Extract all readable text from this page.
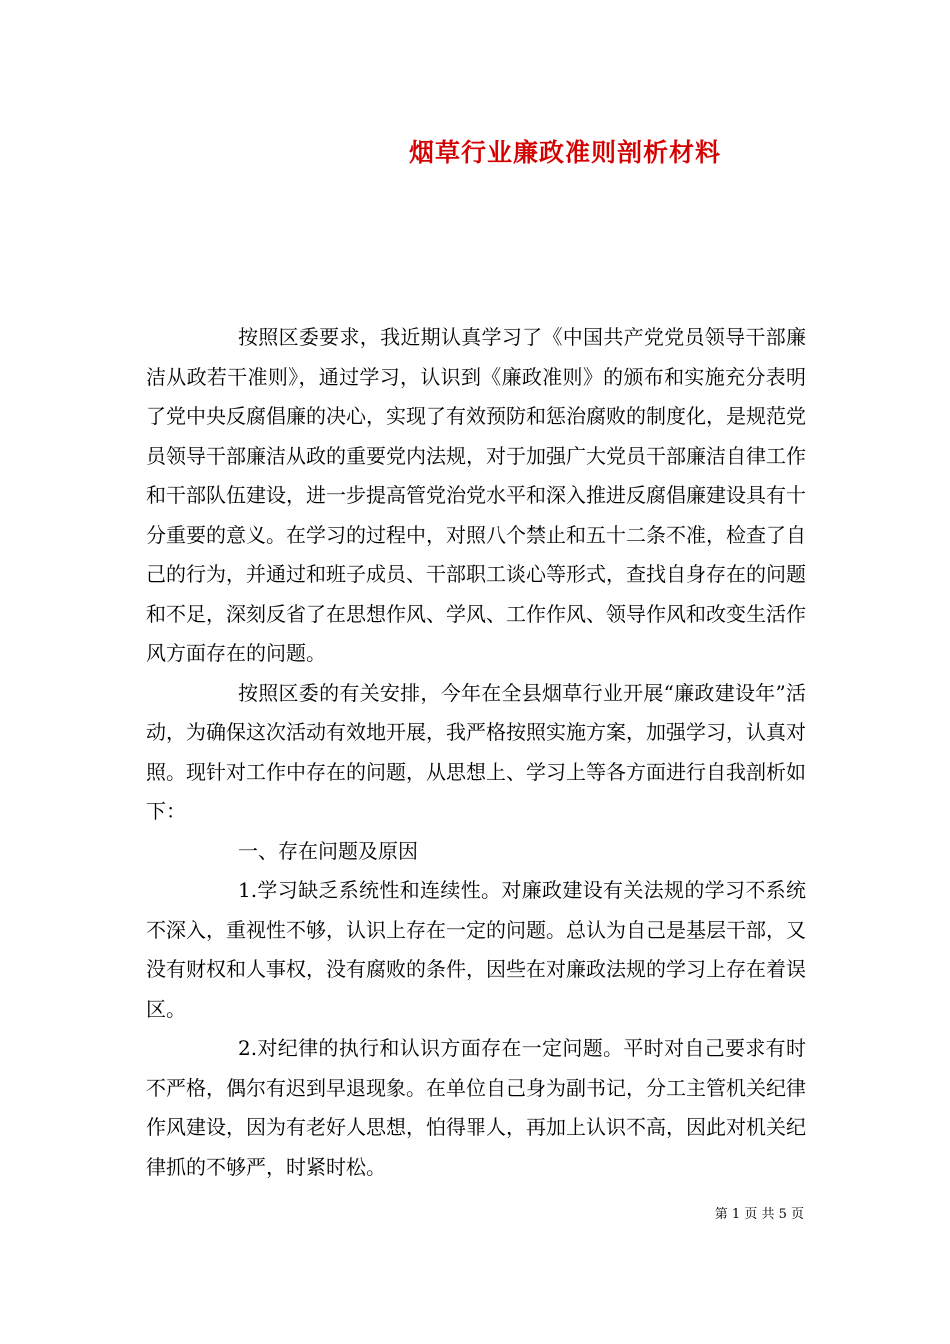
烟草行业廉政准则剖析材料

按照区委要求，我近期认真学习了《中国共产党党员领导干部廉洁从政若干准则》，通过学习，认识到《廉政准则》的颁布和实施充分表明了党中央反腐倡廉的决心，实现了有效预防和惩治腐败的制度化，是规范党员领导干部廉洁从政的重要党内法规，对于加强广大党员干部廉洁自律工作和干部队伍建设，进一步提高管党治党水平和深入推进反腐倡廉建设具有十分重要的意义。在学习的过程中，对照八个禁止和五十二条不准，检查了自己的行为，并通过和班子成员、干部职工谈心等形式，查找自身存在的问题和不足，深刻反省了在思想作风、学风、工作作风、领导作风和改变生活作风方面存在的问题。

按照区委的有关安排，今年在全县烟草行业开展“廉政建设年”活动，为确保这次活动有效地开展，我严格按照实施方案，加强学习，认真对照。现针对工作中存在的问题，从思想上、学习上等各方面进行自我剖析如下：

一、存在问题及原因

1.学习缺乏系统性和连续性。对廉政建设有关法规的学习不系统不深入，重视性不够，认识上存在一定的问题。总认为自己是基层干部，又没有财权和人事权，没有腐败的条件，因些在对廉政法规的学习上存在着误区。

2.对纪律的执行和认识方面存在一定问题。平时对自己要求有时不严格，偶尔有迟到早退现象。在单位自己身为副书记，分工主管机关纪律作风建设，因为有老好人思想，怕得罪人，再加上认识不高，因此对机关纪律抓的不够严，时紧时松。

第 1 页 共 5 页
